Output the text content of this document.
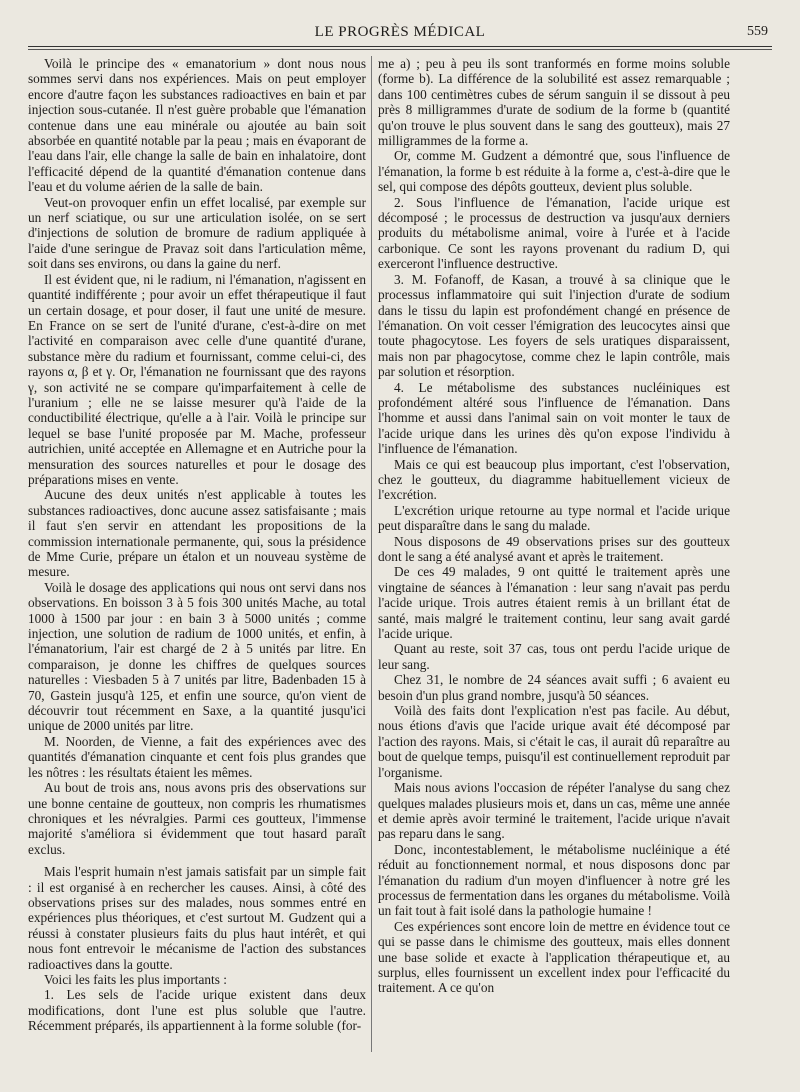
LE PROGRÈS MÉDICAL	559

Voilà le principe des « emanatorium » dont nous nous sommes servi dans nos expériences. Mais on peut employer encore d'autre façon les substances radioactives en bain et par injection sous-cutanée. Il n'est guère probable que l'émanation contenue dans une eau minérale ou ajoutée au bain soit absorbée en quantité notable par la peau ; mais en évaporant de l'eau dans l'air, elle change la salle de bain en inhalatoire, dont l'efficacité dépend de la quantité d'émanation contenue dans l'eau et du volume aérien de la salle de bain.

Veut-on provoquer enfin un effet localisé, par exemple sur un nerf sciatique, ou sur une articulation isolée, on se sert d'injections de solution de bromure de radium appliquée à l'aide d'une seringue de Pravaz soit dans l'articulation même, soit dans ses environs, ou dans la gaine du nerf.

Il est évident que, ni le radium, ni l'émanation, n'agissent en quantité indifférente ; pour avoir un effet thérapeutique il faut un certain dosage, et pour doser, il faut une unité de mesure. En France on se sert de l'unité d'urane, c'est-à-dire on met l'activité en comparaison avec celle d'une quantité d'urane, substance mère du radium et fournissant, comme celui-ci, des rayons α, β et γ. Or, l'émanation ne fournissant que des rayons γ, son activité ne se compare qu'imparfaitement à celle de l'uranium ; elle ne se laisse mesurer qu'à l'aide de la conductibilité électrique, qu'elle a à l'air. Voilà le principe sur lequel se base l'unité proposée par M. Mache, professeur autrichien, unité acceptée en Allemagne et en Autriche pour la mensuration des sources naturelles et pour le dosage des préparations mises en vente.

Aucune des deux unités n'est applicable à toutes les substances radioactives, donc aucune assez satisfaisante ; mais il faut s'en servir en attendant les propositions de la commission internationale permanente, qui, sous la présidence de Mme Curie, prépare un étalon et un nouveau système de mesure.

Voilà le dosage des applications qui nous ont servi dans nos observations. En boisson 3 à 5 fois 300 unités Mache, au total 1000 à 1500 par jour : en bain 3 à 5000 unités ; comme injection, une solution de radium de 1000 unités, et enfin, à l'émanatorium, l'air est chargé de 2 à 5 unités par litre. En comparaison, je donne les chiffres de quelques sources naturelles : Viesbaden 5 à 7 unités par litre, Badenbaden 15 à 70, Gastein jusqu'à 125, et enfin une source, qu'on vient de découvrir tout récemment en Saxe, a la quantité jusqu'ici unique de 2000 unités par litre.

M. Noorden, de Vienne, a fait des expériences avec des quantités d'émanation cinquante et cent fois plus grandes que les nôtres : les résultats étaient les mêmes.

Au bout de trois ans, nous avons pris des observations sur une bonne centaine de goutteux, non compris les rhumatismes chroniques et les névralgies. Parmi ces goutteux, l'immense majorité s'améliora si évidemment que tout hasard paraît exclus.

Mais l'esprit humain n'est jamais satisfait par un simple fait : il est organisé à en rechercher les causes. Ainsi, à côté des observations prises sur des malades, nous sommes entré en expériences plus théoriques, et c'est surtout M. Gudzent qui a réussi à constater plusieurs faits du plus haut intérêt, et qui nous font entrevoir le mécanisme de l'action des substances radioactives dans la goutte.

Voici les faits les plus importants :

1. Les sels de l'acide urique existent dans deux modifications, dont l'une est plus soluble que l'autre. Récemment préparés, ils appartiennent à la forme soluble (for-

me a) ; peu à peu ils sont tranformés en forme moins soluble (forme b). La différence de la solubilité est assez remarquable ; dans 100 centimètres cubes de sérum sanguin il se dissout à peu près 8 milligrammes d'urate de sodium de la forme b (quantité qu'on trouve le plus souvent dans le sang des goutteux), mais 27 milligrammes de la forme a.

Or, comme M. Gudzent a démontré que, sous l'influence de l'émanation, la forme b est réduite à la forme a, c'est-à-dire que le sel, qui compose des dépôts goutteux, devient plus soluble.

2. Sous l'influence de l'émanation, l'acide urique est décomposé ; le processus de destruction va jusqu'aux derniers produits du métabolisme animal, voire à l'urée et à l'acide carbonique. Ce sont les rayons provenant du radium D, qui exerceront l'influence destructive.

3. M. Fofanoff, de Kasan, a trouvé à sa clinique que le processus inflammatoire qui suit l'injection d'urate de sodium dans le tissu du lapin est profondément changé en présence de l'émanation. On voit cesser l'émigration des leucocytes ainsi que toute phagocytose. Les foyers de sels uratiques disparaissent, mais non par phagocytose, comme chez le lapin contrôle, mais par solution et résorption.

4. Le métabolisme des substances nucléiniques est profondément altéré sous l'influence de l'émanation. Dans l'homme et aussi dans l'animal sain on voit monter le taux de l'acide urique dans les urines dès qu'on expose l'individu à l'influence de l'émanation.

Mais ce qui est beaucoup plus important, c'est l'observation, chez le goutteux, du diagramme habituellement vicieux de l'excrétion.

L'excrétion urique retourne au type normal et l'acide urique peut disparaître dans le sang du malade.

Nous disposons de 49 observations prises sur des goutteux dont le sang a été analysé avant et après le traitement.

De ces 49 malades, 9 ont quitté le traitement après une vingtaine de séances à l'émanation : leur sang n'avait pas perdu l'acide urique. Trois autres étaient remis à un brillant état de santé, mais malgré le traitement continu, leur sang avait gardé l'acide urique.

Quant au reste, soit 37 cas, tous ont perdu l'acide urique de leur sang.

Chez 31, le nombre de 24 séances avait suffi ; 6 avaient eu besoin d'un plus grand nombre, jusqu'à 50 séances.

Voilà des faits dont l'explication n'est pas facile. Au début, nous étions d'avis que l'acide urique avait été décomposé par l'action des rayons. Mais, si c'était le cas, il aurait dû reparaître au bout de quelque temps, puisqu'il est continuellement reproduit par l'organisme.

Mais nous avions l'occasion de répéter l'analyse du sang chez quelques malades plusieurs mois et, dans un cas, même une année et demie après avoir terminé le traitement, l'acide urique n'avait pas reparu dans le sang.

Donc, incontestablement, le métabolisme nucléinique a été réduit au fonctionnement normal, et nous disposons donc par l'émanation du radium d'un moyen d'influencer à notre gré les processus de fermentation dans les organes du métabolisme. Voilà un fait tout à fait isolé dans la pathologie humaine !

Ces expériences sont encore loin de mettre en évidence tout ce qui se passe dans le chimisme des goutteux, mais elles donnent une base solide et exacte à l'application thérapeutique et, au surplus, elles fournissent un excellent index pour l'efficacité du traitement. A ce qu'on
